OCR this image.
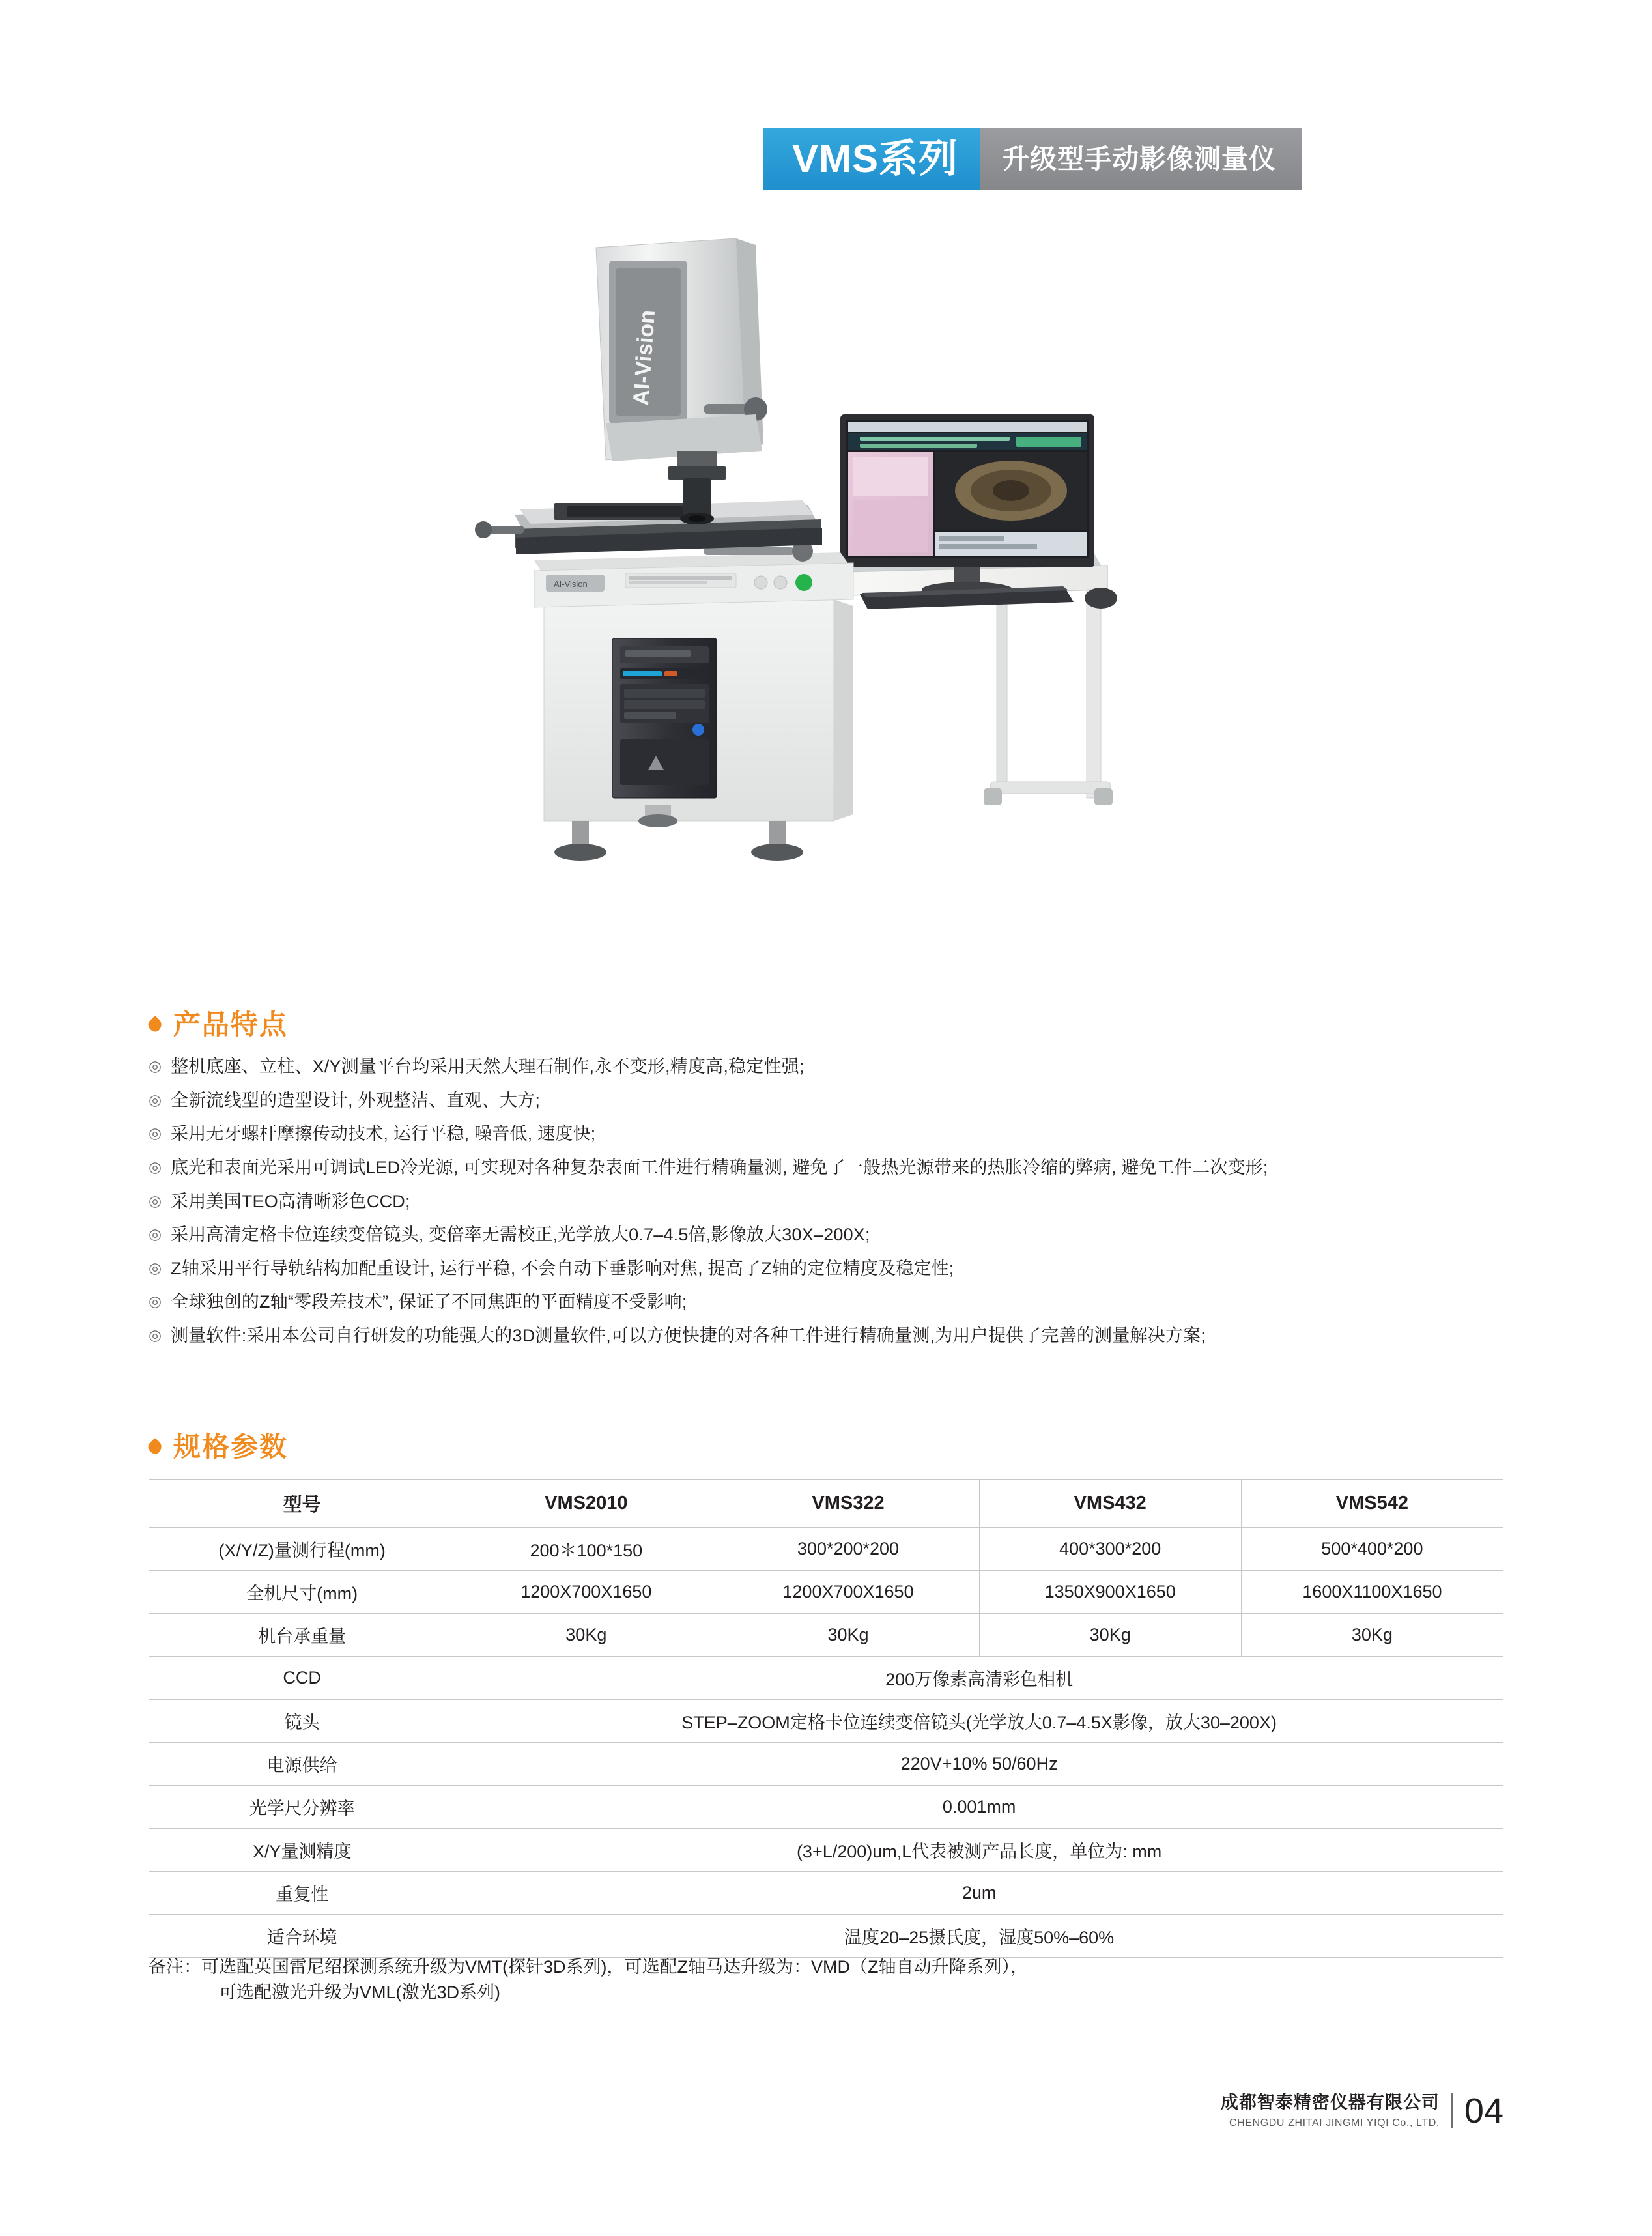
VMS系列	升级型手动影像测量仪
AI-Vision
AI-Vision
产品特点
◎ 整机底座、立柱、X/Y测量平台均采用天然大理石制作,永不变形,精度高,稳定性强;
◎ 全新流线型的造型设计, 外观整洁、直观、大方;
◎ 采用无牙螺杆摩擦传动技术, 运行平稳, 噪音低, 速度快;
◎ 底光和表面光采用可调试LED冷光源, 可实现对各种复杂表面工件进行精确量测, 避免了一般热光源带来的热胀冷缩的弊病, 避免工件二次变形;
◎ 采用美国TEO高清晰彩色CCD;
◎ 采用高清定格卡位连续变倍镜头, 变倍率无需校正,光学放大0.7–4.5倍,影像放大30X–200X;
◎ Z轴采用平行导轨结构加配重设计, 运行平稳, 不会自动下垂影响对焦, 提高了Z轴的定位精度及稳定性;
◎ 全球独创的Z轴“零段差技术”, 保证了不同焦距的平面精度不受影响;
◎ 测量软件:采用本公司自行研发的功能强大的3D测量软件,可以方便快捷的对各种工件进行精确量测,为用户提供了完善的测量解决方案;
规格参数
型号	VMS2010	VMS322	VMS432	VMS542
(X/Y/Z)量测行程(mm)	200＊100*150	300*200*200	400*300*200	500*400*200
全机尺寸(mm)	1200X700X1650	1200X700X1650	1350X900X1650	1600X1100X1650
机台承重量	30Kg	30Kg	30Kg	30Kg
CCD	200万像素高清彩色相机			
镜头	STEP–ZOOM定格卡位连续变倍镜头(光学放大0.7–4.5X影像，放大30–200X)			
电源供给	220V+10% 50/60Hz			
光学尺分辨率	0.001mm			
X/Y量测精度	(3+L/200)um,L代表被测产品长度，单位为: mm			
重复性	2um			
适合环境	温度20–25摄氏度，湿度50%–60%			
备注：可选配英国雷尼绍探测系统升级为VMT(探针3D系列)，可选配Z轴马达升级为：VMD（Z轴自动升降系列），
可选配激光升级为VML(激光3D系列)
成都智泰精密仪器有限公司
CHENGDU ZHITAI JINGMI YIQI Co., LTD. 04
